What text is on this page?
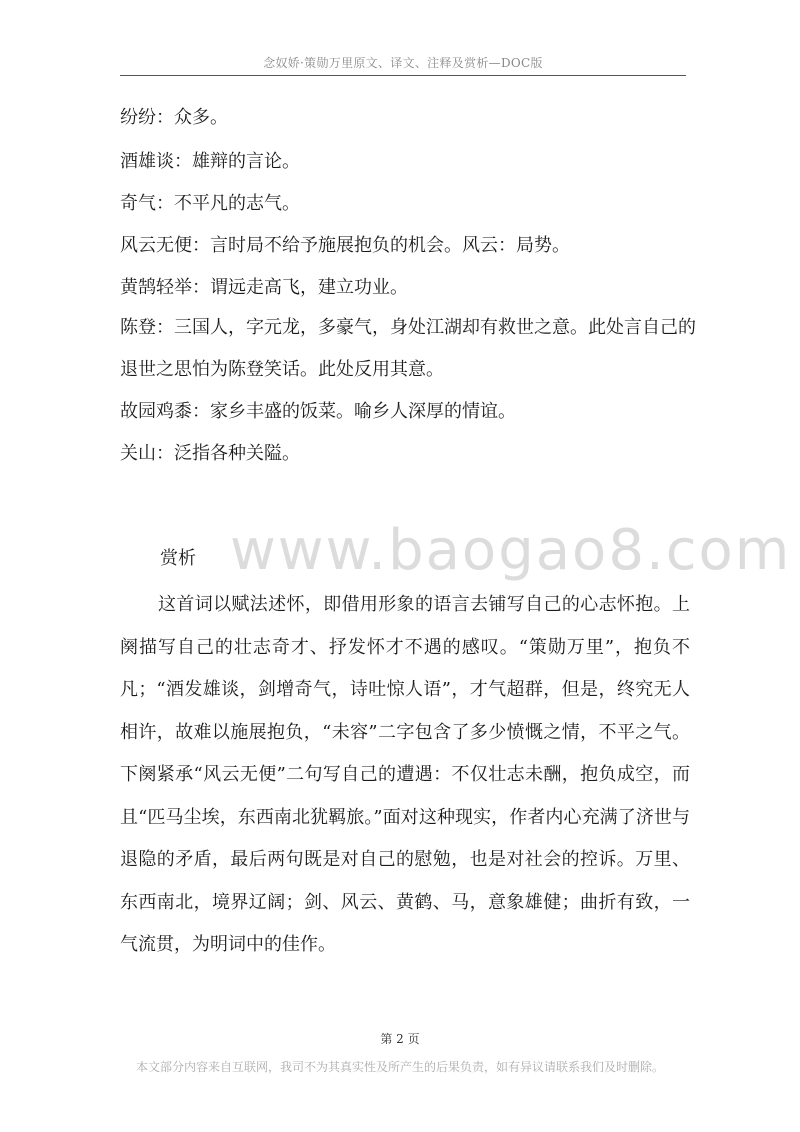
念奴娇·策勋万里原文、译文、注释及赏析—DOC版
纷纷：众多。
酒雄谈：雄辩的言论。
奇气：不平凡的志气。
风云无便：言时局不给予施展抱负的机会。风云：局势。
黄鹄轻举：谓远走高飞，建立功业。
陈登：三国人，字元龙，多豪气，身处江湖却有救世之意。此处言自己的退世之思怕为陈登笑话。此处反用其意。
故园鸡黍：家乡丰盛的饭菜。喻乡人深厚的情谊。
关山：泛指各种关隘。
www.baogao8.com
赏析
这首词以赋法述怀，即借用形象的语言去铺写自己的心志怀抱。上阕描写自己的壮志奇才、抒发怀才不遇的感叹。“策勋万里”，抱负不凡；“酒发雄谈，剑增奇气，诗吐惊人语”，才气超群，但是，终究无人相许，故难以施展抱负，“未容”二字包含了多少愤慨之情，不平之气。下阕紧承“风云无便”二句写自己的遭遇：不仅壮志未酬，抱负成空，而且“匹马尘埃，东西南北犹羁旅。”面对这种现实，作者内心充满了济世与退隐的矛盾，最后两句既是对自己的慰勉，也是对社会的控诉。万里、东西南北，境界辽阔；剑、风云、黄鹤、马，意象雄健；曲折有致，一气流贯，为明词中的佳作。
第 2 页
本文部分内容来自互联网，我司不为其真实性及所产生的后果负责，如有异议请联系我们及时删除。
